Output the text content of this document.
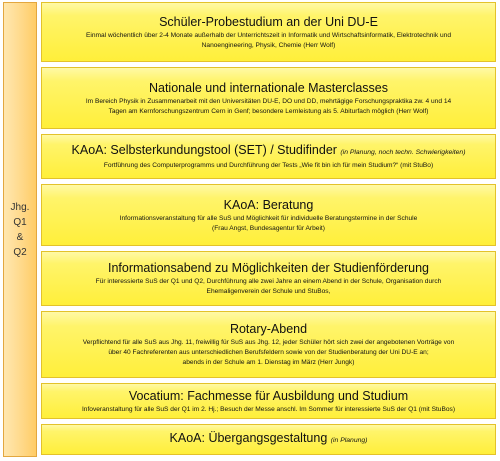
Jhg.
Q1
&
Q2
Schüler-Probestudium an der Uni DU-E
Einmal wöchentlich über 2-4 Monate außerhalb der Unterrichtszeit in Informatik und Wirtschaftsinformatik, Elektrotechnik und
Nanoengineering, Physik, Chemie (Herr Wolf)
Nationale und internationale Masterclasses
Im Bereich Physik in Zusammenarbeit mit den Universitäten DU-E, DO und DD, mehrtägige Forschungspraktika zw. 4 und 14
Tagen am Kernforschungszentrum Cern in Genf; besondere Lernleistung als 5. Abiturfach möglich (Herr Wolf)
KAoA: Selbsterkundungstool (SET) / Studifinder (in Planung, noch techn. Schwierigkeiten)
Fortführung des Computerprogramms und Durchführung der Tests „Wie fit bin ich für mein Studium?“ (mit StuBo)
KAoA: Beratung
Informationsveranstaltung für alle SuS und Möglichkeit für individuelle Beratungstermine in der Schule
(Frau Angst, Bundesagentur für Arbeit)
Informationsabend zu Möglichkeiten der Studienförderung
Für interessierte SuS der Q1 und Q2, Durchführung alle zwei Jahre an einem Abend in der Schule, Organisation durch
Ehemaligenverein der Schule und StuBos,
Rotary-Abend
Verpflichtend für alle SuS aus Jhg. 11, freiwillig für SuS aus Jhg. 12, jeder Schüler hört sich zwei der angebotenen Vorträge von
über 40 Fachreferenten aus unterschiedlichen Berufsfeldern sowie von der Studienberatung der Uni DU-E an;
abends in der Schule am 1. Dienstag im März (Herr Jungk)
Vocatium: Fachmesse für Ausbildung und Studium
Infoveranstaltung für alle SuS der Q1 im 2. Hj.; Besuch der Messe anschl. Im Sommer für interessierte SuS der Q1 (mit StuBos)
KAoA: Übergangsgestaltung (in Planung)
